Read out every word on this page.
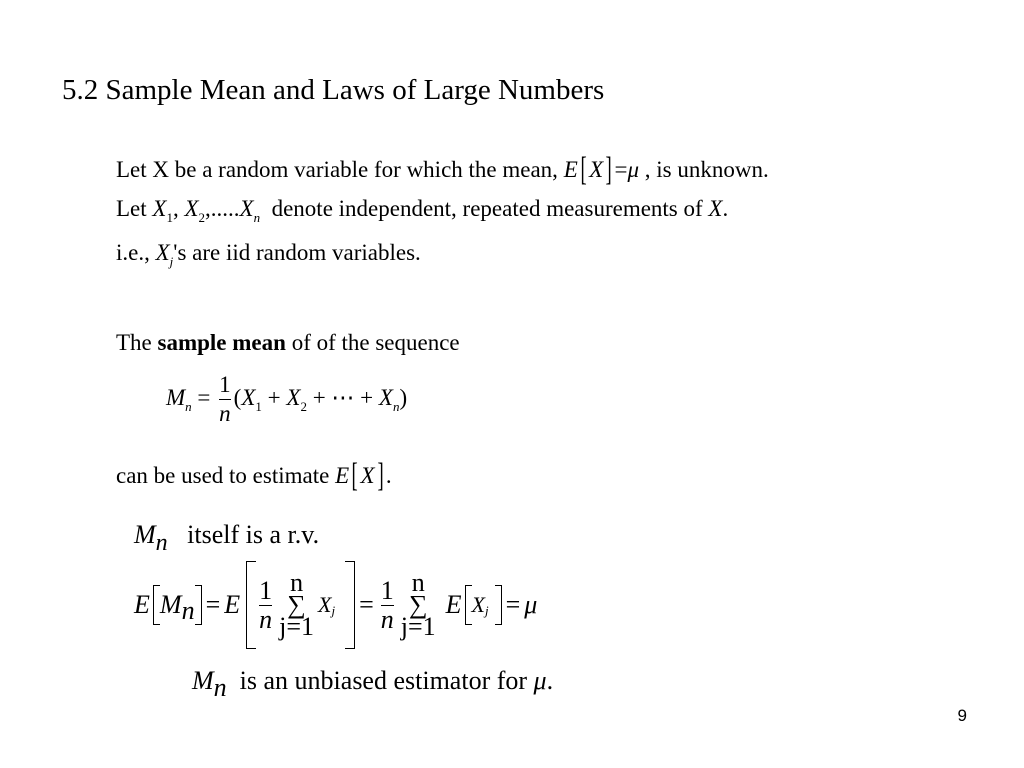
5.2 Sample Mean and Laws of Large Numbers
Let X be a random variable for which the mean, E[ X] =μ , is unknown.
Let $X_1$, $X_2,.....X_n$ denote independent, repeated measurements of X.
i.e., $X_j's$ are iid random variables.
The sample mean of of the sequence
$M_n = \frac{1}{n} (X_1 + X_2$ + ⋯ + $X_n$)
can be used to estimate E[ X] .
Mn itself is a r.v.
E M n = E $\frac{1}{n}$ n
∑
j=1
X $j = \frac{1}{n}$ n
∑
j=1
E X j = μ
Mn is an unbiased estimator for μ.
9
